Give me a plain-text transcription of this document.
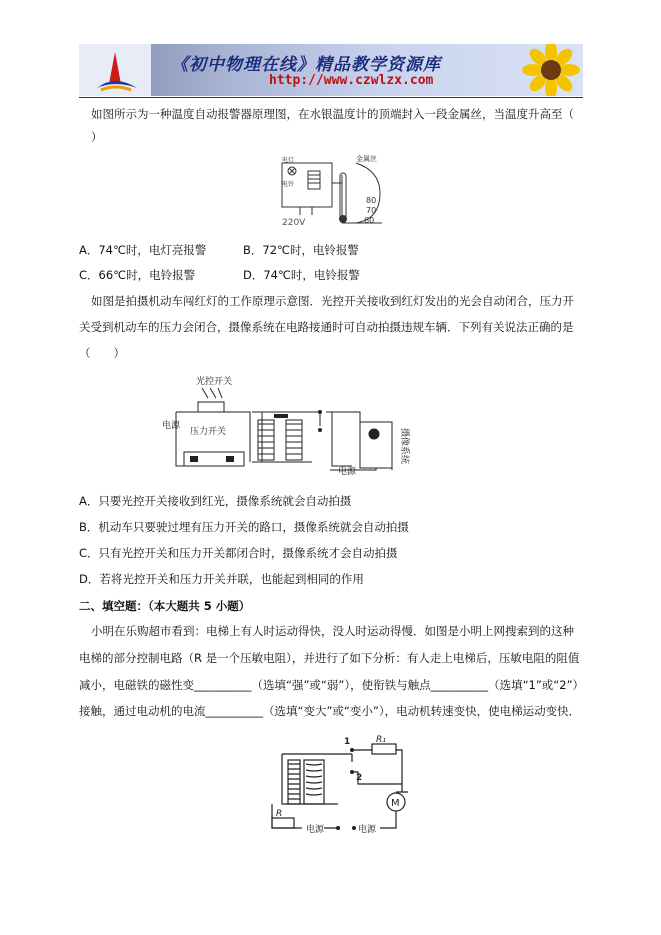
《初中物理在线》精品教学资源库
http://www.czwlzx.com
如图所示为一种温度自动报警器原理图，在水银温度计的顶端封入一段金属丝，当温度升高至（
）
电灯
电铃
220V
金属丝
80
70
60
A．74℃时，电灯亮报警	B．72℃时，电铃报警
C．66℃时，电铃报警	D．74℃时，电铃报警
如图是拍摄机动车闯红灯的工作原理示意图．光控开关接收到红灯发出的光会自动闭合，压力开
关受到机动车的压力会闭合，摄像系统在电路接通时可自动拍摄违规车辆．下列有关说法正确的是
（　　）
光控开关
电源
压力开关
电源
摄像系统
A．只要光控开关接收到红光，摄像系统就会自动拍摄
B．机动车只要驶过埋有压力开关的路口，摄像系统就会自动拍摄
C．只有光控开关和压力开关都闭合时，摄像系统才会自动拍摄
D．若将光控开关和压力开关并联，也能起到相同的作用
二、填空题：（本大题共 5 小题）
小明在乐购超市看到：电梯上有人时运动得快，没人时运动得慢．如图是小明上网搜索到的这种
电梯的部分控制电路（R 是一个压敏电阻），并进行了如下分析：有人走上电梯后，压敏电阻的阻值
减小，电磁铁的磁性变__________（选填“强”或“弱”），使衔铁与触点__________（选填“1”或“2”）
接触，通过电动机的电流__________（选填“变大”或“变小”），电动机转速变快，使电梯运动变快．
1
2
R₁
M
R
电源	电源
